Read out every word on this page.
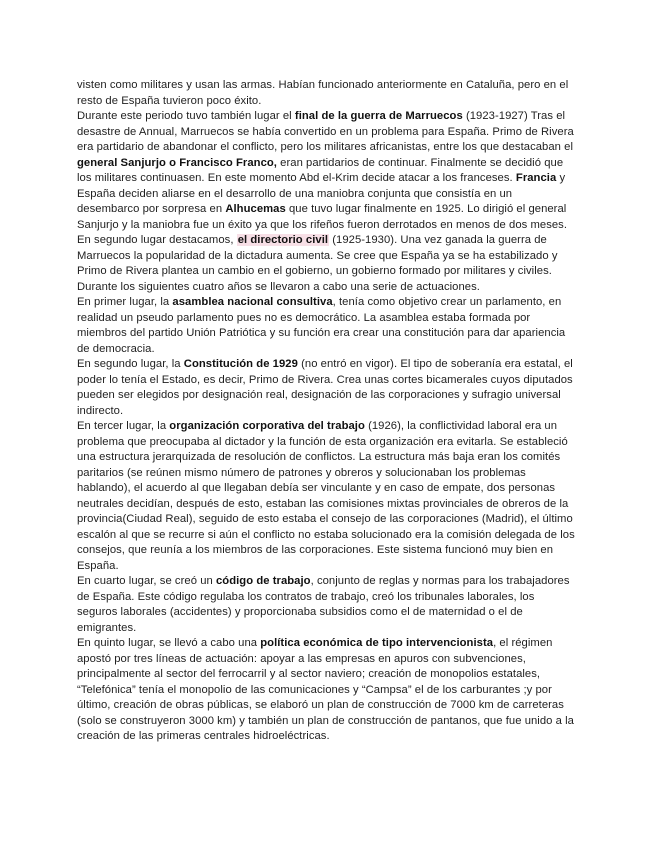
visten como militares y usan las armas. Habían funcionado anteriormente en Cataluña, pero en el resto de España tuvieron poco éxito.

Durante este periodo tuvo también lugar el final de la guerra de Marruecos (1923-1927) Tras el desastre de Annual, Marruecos se había convertido en un problema para España. Primo de Rivera era partidario de abandonar el conflicto, pero los militares africanistas, entre los que destacaban el general Sanjurjo o Francisco Franco, eran partidarios de continuar. Finalmente se decidió que los militares continuasen. En este momento Abd el-Krim decide atacar a los franceses. Francia y España deciden aliarse en el desarrollo de una maniobra conjunta que consistía en un desembarco por sorpresa en Alhucemas que tuvo lugar finalmente en 1925. Lo dirigió el general Sanjurjo y la maniobra fue un éxito ya que los rifeños fueron derrotados en menos de dos meses.

En segundo lugar destacamos, el directorio civil (1925-1930). Una vez ganada la guerra de Marruecos la popularidad de la dictadura aumenta. Se cree que España ya se ha estabilizado y Primo de Rivera plantea un cambio en el gobierno, un gobierno formado por militares y civiles. Durante los siguientes cuatro años se llevaron a cabo una serie de actuaciones.

En primer lugar, la asamblea nacional consultiva, tenía como objetivo crear un parlamento, en realidad un pseudo parlamento pues no es democrático. La asamblea estaba formada por miembros del partido Unión Patriótica y su función era crear una constitución para dar apariencia de democracia.

En segundo lugar, la Constitución de 1929 (no entró en vigor). El tipo de soberanía era estatal, el poder lo tenía el Estado, es decir, Primo de Rivera. Crea unas cortes bicamerales cuyos diputados pueden ser elegidos por designación real, designación de las corporaciones y sufragio universal indirecto.

En tercer lugar, la organización corporativa del trabajo (1926), la conflictividad laboral era un problema que preocupaba al dictador y la función de esta organización era evitarla. Se estableció una estructura jerarquizada de resolución de conflictos. La estructura más baja eran los comités paritarios (se reúnen mismo número de patrones y obreros y solucionaban los problemas hablando), el acuerdo al que llegaban debía ser vinculante y en caso de empate, dos personas neutrales decidían, después de esto, estaban las comisiones mixtas provinciales de obreros de la provincia(Ciudad Real), seguido de esto estaba el consejo de las corporaciones (Madrid), el último escalón al que se recurre si aún el conflicto no estaba solucionado era la comisión delegada de los consejos, que reunía a los miembros de las corporaciones. Este sistema funcionó muy bien en España.

En cuarto lugar, se creó un código de trabajo, conjunto de reglas y normas para los trabajadores de España. Este código regulaba los contratos de trabajo, creó los tribunales laborales, los seguros laborales (accidentes) y proporcionaba subsidios como el de maternidad o el de emigrantes.

En quinto lugar, se llevó a cabo una política económica de tipo intervencionista, el régimen apostó por tres líneas de actuación: apoyar a las empresas en apuros con subvenciones, principalmente al sector del ferrocarril y al sector naviero; creación de monopolios estatales, “Telefónica” tenía el monopolio de las comunicaciones y “Campsa” el de los carburantes ;y por último, creación de obras públicas, se elaboró un plan de construcción de 7000 km de carreteras (solo se construyeron 3000 km) y también un plan de construcción de pantanos, que fue unido a la creación de las primeras centrales hidroeléctricas.
